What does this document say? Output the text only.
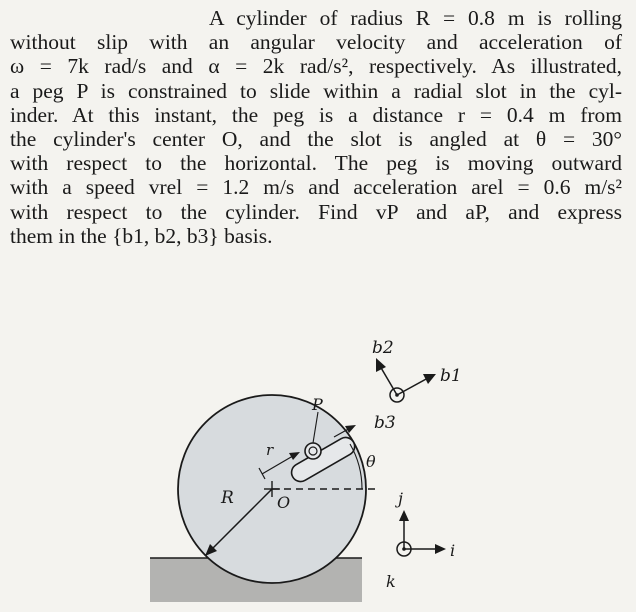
A cylinder of radius R = 0.8 m is rolling
without slip with an angular velocity and acceleration of
ω = 7k rad/s and α = 2k rad/s², respectively. As illustrated,
a peg P is constrained to slide within a radial slot in the cyl-
inder. At this instant, the peg is a distance r = 0.4 m from
the cylinder's center O, and the slot is angled at θ = 30°
with respect to the horizontal. The peg is moving outward
with a speed vrel = 1.2 m/s and acceleration arel = 0.6 m/s²
with respect to the cylinder. Find vP and aP, and express
them in the {b1, b2, b3} basis.
R	O
P
r
θ
b1
b2
b3
i
j
k
